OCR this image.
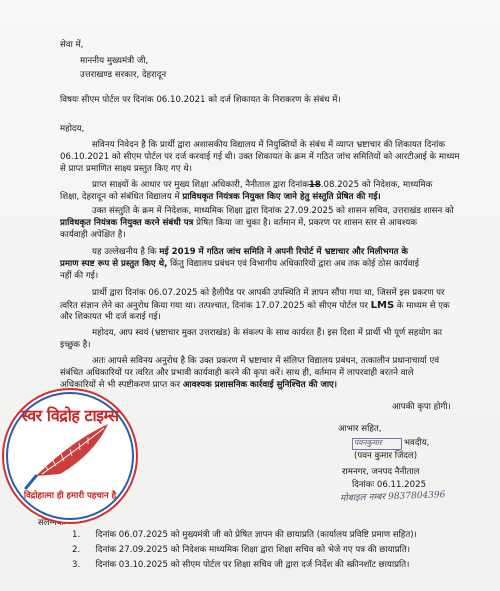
सेवा में,
माननीय मुख्यमंत्री जी,
उत्तराखण्ड सरकार, देहरादून
विषयः सीएम पोर्टल पर दिनांक 06.10.2021 को दर्ज शिकायत के निराकरण के संबंध में।
महोदय,
सविनय निवेदन है कि प्रार्थी द्वारा अशासकीय विद्यालय में नियुक्तियों के संबंध में व्याप्त भ्रष्टाचार की शिकायत दिनांक
06.10.2021 को सीएम पोर्टल पर दर्ज करवाई गई थी। उक्त शिकायत के क्रम में गठित जांच समितियों को आरटीआई के माध्यम
से प्राप्त प्रमाणित साक्ष्य प्रस्तुत किए गए थे।
प्राप्त साक्ष्यों के आधार पर मुख्य शिक्षा अधिकारी, नैनीताल द्वारा दिनांक18.08.2025 को निदेशक, माध्यमिक
शिक्षा, देहरादून को संबंधित विद्यालय में प्राविधकृत नियंत्रक नियुक्त किए जाने हेतु संस्तुति प्रेषित की गई।
उक्त संस्तुति के क्रम में निदेशक, माध्यमिक शिक्षा द्वारा दिनांक 27.09.2025 को शासन सचिव, उत्तराखंड शासन को
प्राविधकृत नियंत्रक नियुक्त करने संबंधी पत्र प्रेषित किया जा चुका है। वर्तमान में, प्रकरण पर शासन स्तर से आवश्यक
कार्यवाही अपेक्षित है।
यह उल्लेखनीय है कि मई 2019 में गठित जांच समिति ने अपनी रिपोर्ट में भ्रष्टाचार और मिलीभगत के
प्रमाण स्पष्ट रूप से प्रस्तुत किए थे, किंतु विद्यालय प्रबंधन एवं विभागीय अधिकारियों द्वारा अब तक कोई ठोस कार्यवाई
नहीं की गई।
प्रार्थी द्वारा दिनांक 06.07.2025 को हैलीपैड पर आपकी उपस्थिति में ज्ञापन सौंपा गया था, जिसमें इस प्रकरण पर
त्वरित संज्ञान लेने का अनुरोध किया गया था। तत्पश्चात, दिनांक 17.07.2025 को सीएम पोर्टल पर LMS के माध्यम से एक
और शिकायत भी दर्ज कराई गई।
महोदय, आप स्वयं (भ्रष्टाचार मुक्त उत्तराखंड) के संकल्प के साथ कार्यरत हैं। इस दिशा में प्रार्थी भी पूर्ण सहयोग का
इच्छुक है।
अतः आपसे सविनय अनुरोध है कि उक्त प्रकरण में भ्रष्टाचार में संलिप्त विद्यालय प्रबंधन, तत्कालीन प्रधानाचार्या एवं
संबंधित अधिकारियों पर त्वरित और प्रभावी कार्यवाही करने की कृपा करें। साथ ही, वर्तमान में लापरवाही बरतने वाले
अधिकारियों से भी स्पष्टीकरण प्राप्त कर आवश्यक प्रशासनिक कार्रवाई सुनिश्चित की जाए।
आपकी कृपा होगी।
आभार सहित,
पवनकुमार	भवदीय,
(पवन कुमार जिंदल)
रामनगर, जनपद नैनीताल
दिनांकः 06.11.2025
मोबाइल नम्बर 9837804396
संलग्नकः
1. दिनांक 06.07.2025 को मुख्यमंत्री जी को प्रेषित ज्ञापन की छायाप्रति (कार्यालय प्रविष्टि प्रमाण सहित)।
2. दिनांक 27.09.2025 को निदेशक माध्यमिक शिक्षा द्वारा शिक्षा सचिव को भेजे गए पत्र की छायाप्रति।
3. दिनांक 03.10.2025 को सीएम पोर्टल पर शिक्षा सचिव जी द्वारा दर्ज निर्देश की स्क्रीनशॉट छायाप्रति।
स्वर विद्रोह टाइम्स
विद्रोहात्मा ही हमारी पहचान है
